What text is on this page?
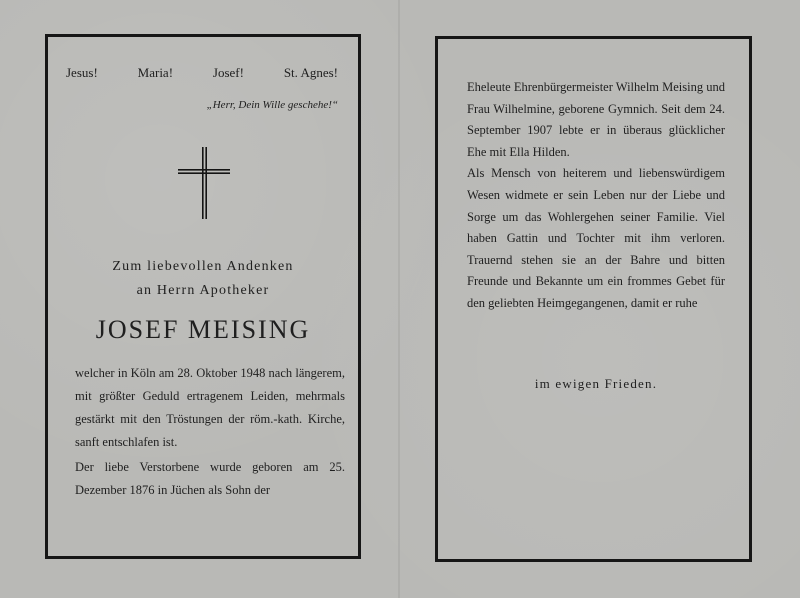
Jesus!	Maria!	Josef!	St. Agnes!
„Herr, Dein Wille geschehe!“
Zum liebevollen Andenken
an Herrn Apotheker
JOSEF MEISING

welcher in Köln am 28. Oktober 1948 nach längerem, mit größter Geduld ertragenem Leiden, mehrmals gestärkt mit den Tröstungen der röm.-kath. Kirche, sanft entschlafen ist.

Der liebe Verstorbene wurde geboren am 25. Dezember 1876 in Jüchen als Sohn der

Eheleute Ehrenbürgermeister Wilhelm Meising und Frau Wilhelmine, geborene Gymnich. Seit dem 24. September 1907 lebte er in überaus glücklicher Ehe mit Ella Hilden.

Als Mensch von heiterem und liebenswürdigem Wesen widmete er sein Leben nur der Liebe und Sorge um das Wohlergehen seiner Familie. Viel haben Gattin und Tochter mit ihm verloren. Trauernd stehen sie an der Bahre und bitten Freunde und Bekannte um ein frommes Gebet für den geliebten Heimgegangenen, damit er ruhe

im ewigen Frieden.
